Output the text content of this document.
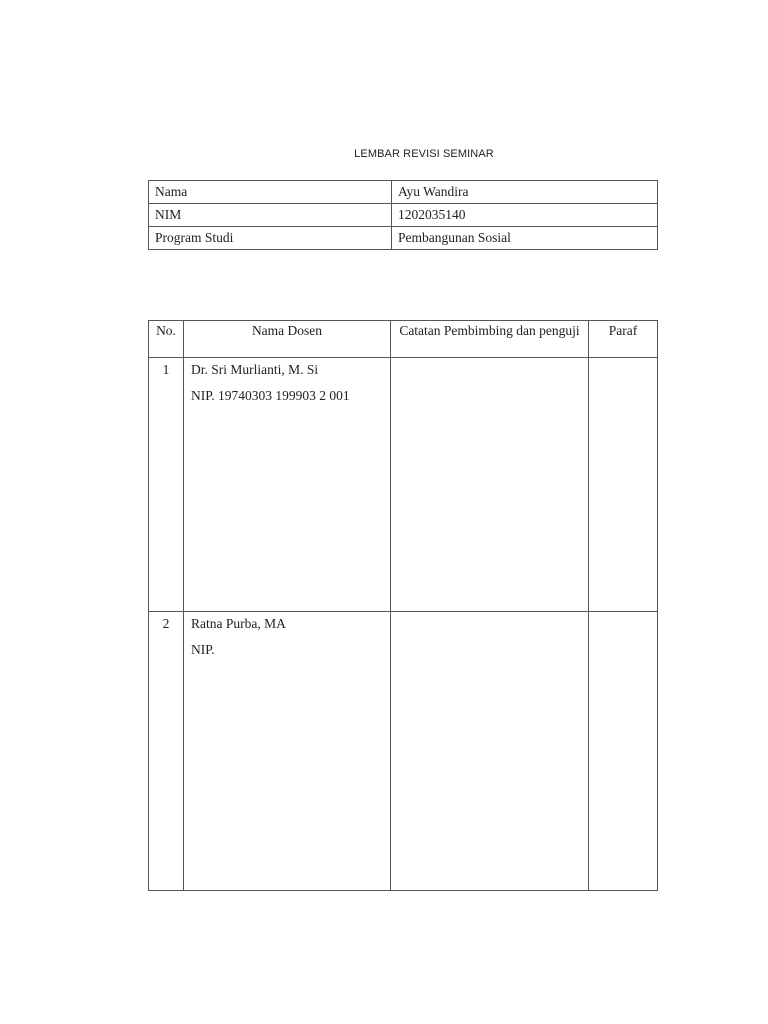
LEMBAR REVISI SEMINAR
Nama	Ayu Wandira
NIM	1202035140
Program Studi	Pembangunan Sosial
No.	Nama Dosen	Catatan Pembimbing dan penguji	Paraf
1	Dr. Sri Murlianti, M. Si
NIP. 19740303 199903 2 001		

2	Ratna Purba, MA
NIP.		
